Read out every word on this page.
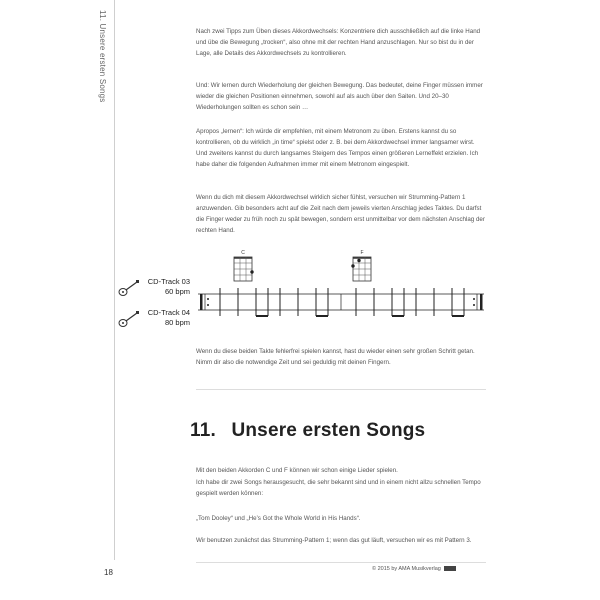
11. Unsere ersten Songs	Nach zwei Tipps zum Üben dieses Akkordwechsels: Konzentriere dich ausschließlich auf die linke Hand und übe die Bewegung „trocken“, also ohne mit der rechten Hand anzuschlagen. Nur so bist du in der Lage, alle Details des Akkordwechsels zu kontrollieren.

Und: Wir lernen durch Wiederholung der gleichen Bewegung. Das bedeutet, deine Finger müssen immer wieder die gleichen Positionen einnehmen, sowohl auf als auch über den Saiten. Und 20–30 Wiederholungen sollten es schon sein …

Apropos „lernen“: Ich würde dir empfehlen, mit einem Metronom zu üben. Erstens kannst du so kontrollieren, ob du wirklich „in time“ spielst oder z. B. bei dem Akkordwechsel immer langsamer wirst. Und zweitens kannst du durch langsames Steigern des Tempos einen größeren Lerneffekt erzielen. Ich habe daher die folgenden Aufnahmen immer mit einem Metronom eingespielt.

Wenn du dich mit diesem Akkordwechsel wirklich sicher fühlst, versuchen wir Strumming-Pattern 1 anzuwenden. Gib besonders acht auf die Zeit nach dem jeweils vierten Anschlag jedes Taktes. Du darfst die Finger weder zu früh noch zu spät bewegen, sondern erst unmittelbar vor dem nächsten Anschlag der rechten Hand.

C	F
CD-Track 03
60 bpm
CD-Track 04
80 bpm

Wenn du diese beiden Takte fehlerfrei spielen kannst, hast du wieder einen sehr großen Schritt getan. Nimm dir also die notwendige Zeit und sei geduldig mit deinen Fingern.

11. Unsere ersten Songs

Mit den beiden Akkorden C und F können wir schon einige Lieder spielen.

Ich habe dir zwei Songs herausgesucht, die sehr bekannt sind und in einem nicht allzu schnellen Tempo gespielt werden können:

„Tom Dooley“ und „He’s Got the Whole World in His Hands“.

Wir benutzen zunächst das Strumming-Pattern 1; wenn das gut läuft, versuchen wir es mit Pattern 3.

18	© 2015 by AMA Musikverlag
